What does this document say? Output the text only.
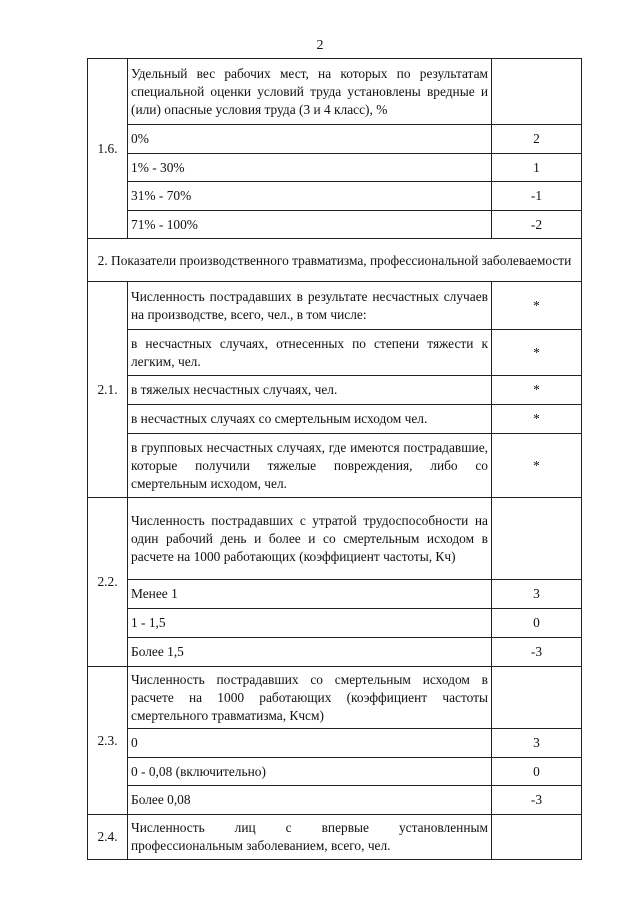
2
1.6.	Удельный вес рабочих мест, на которых по результатам специальной оценки условий труда установлены вредные и (или) опасные условия труда (3 и 4 класс), %	
	0%	2
	1% - 30%	1
	31% - 70%	-1
	71% - 100%	-2
2. Показатели производственного травматизма, профессиональной заболеваемости		
2.1.	Численность пострадавших в результате несчастных случаев на производстве, всего, чел., в том числе:	*
	в несчастных случаях, отнесенных по степени тяжести к легким, чел.	*
	в тяжелых несчастных случаях, чел.	*
	в несчастных случаях со смертельным исходом чел.	*
	в групповых несчастных случаях, где имеются пострадавшие, которые получили тяжелые повреждения, либо со смертельным исходом, чел.	*
2.2.	Численность пострадавших с утратой трудоспособности на один рабочий день и более и со смертельным исходом в расчете на 1000 работающих (коэффициент частоты, Кч)	
	Менее 1	3
	1 - 1,5	0
	Более 1,5	-3
2.3.	Численность пострадавших со смертельным исходом в расчете на 1000 работающих (коэффициент частоты смертельного травматизма, Кчсм)	
	0	3
	0 - 0,08 (включительно)	0
	Более 0,08	-3
2.4.	Численность лиц с впервые установленным профессиональным заболеванием, всего, чел.	
